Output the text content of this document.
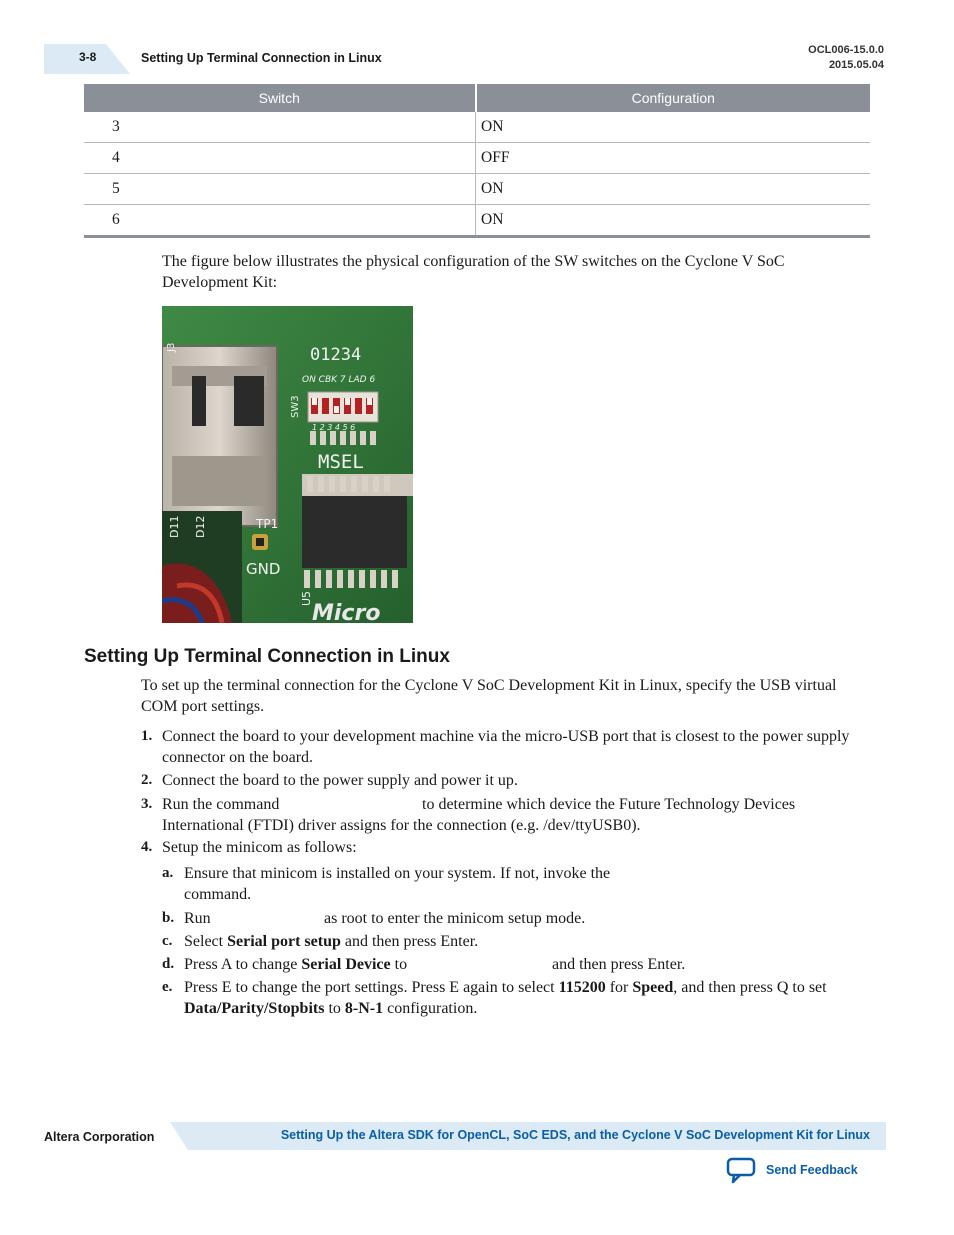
3-8	Setting Up Terminal Connection in Linux
OCL006-15.0.0
2015.05.04
Switch	Configuration
3	ON
4	OFF
5	ON
6	ON
The figure below illustrates the physical configuration of the SW switches on the Cyclone V SoC Development Kit:
01234
ON CBK 7 LAD 6
SW3
1 2 3 4 5 6
MSEL
TP1
GND
D11 D12
J3
U5
Micro
Setting Up Terminal Connection in Linux
To set up the terminal connection for the Cyclone V SoC Development Kit in Linux, specify the USB virtual COM port settings.
1. Connect the board to your development machine via the micro-USB port that is closest to the power supply connector on the board.
2. Connect the board to the power supply and power it up.
3. Run the command	to determine which device the Future Technology Devices International (FTDI) driver assigns for the connection (e.g. /dev/ttyUSB0).
4. Setup the minicom as follows:
a. Ensure that minicom is installed on your system. If not, invoke the
command.
b. Run	as root to enter the minicom setup mode.
c. Select Serial port setup and then press Enter.
d. Press A to change Serial Device to	and then press Enter.
e. Press E to change the port settings. Press E again to select 115200 for Speed, and then press Q to set Data/Parity/Stopbits to 8-N-1 configuration.
Altera Corporation	Setting Up the Altera SDK for OpenCL, SoC EDS, and the Cyclone V SoC Development Kit for Linux
Send Feedback
